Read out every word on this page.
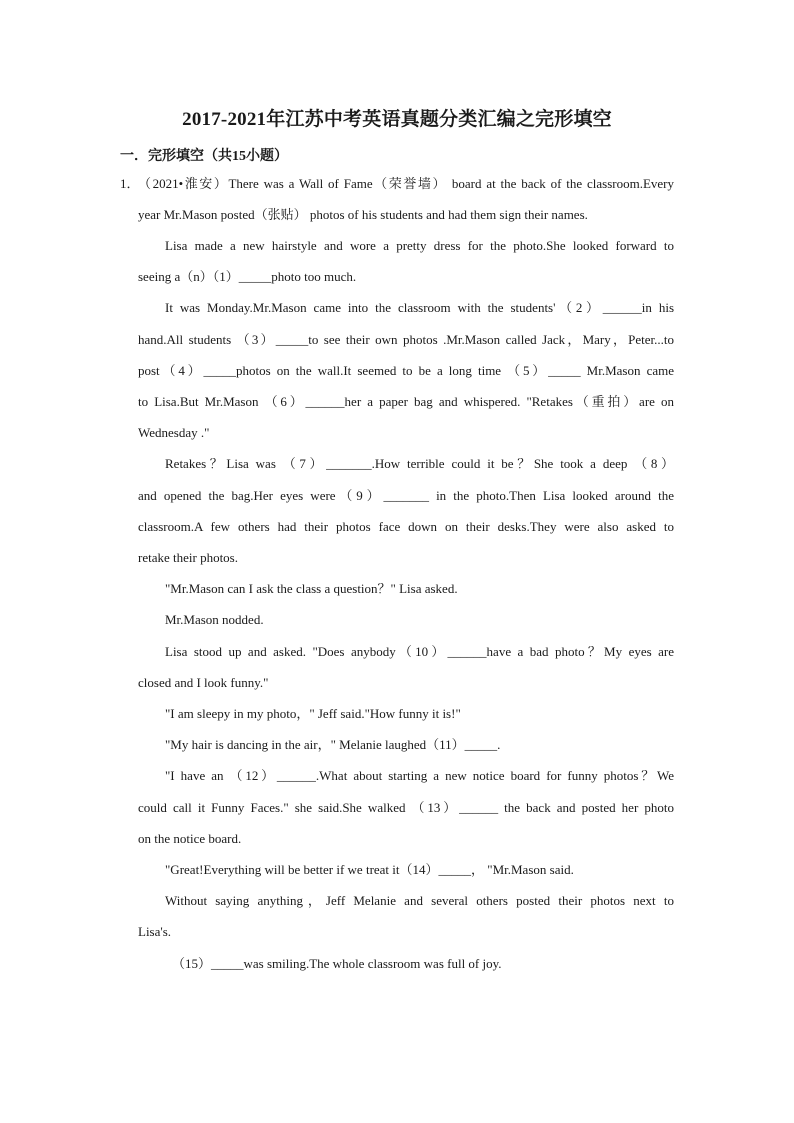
2017-2021年江苏中考英语真题分类汇编之完形填空
一．完形填空（共15小题）
1．
（2021•淮安）There was a Wall of Fame（荣誉墙） board at the back of the classroom.Every
year Mr.Mason posted（张贴） photos of his students and had them sign their names.
Lisa made a new hairstyle and wore a pretty dress for the photo.She looked forward to
seeing a（n）（1）_____photo too much.
It was Monday.Mr.Mason came into the classroom with the students'（2）______in his
hand.All students （3）_____to see their own photos .Mr.Mason called Jack，Mary，Peter...to
post（4）_____photos on the wall.It seemed to be a long time （5）_____ Mr.Mason came
to Lisa.But Mr.Mason （6）______her a paper bag and whispered. "Retakes（重拍）are on
Wednesday ."
Retakes？Lisa was （7）_______.How terrible could it be？She took a deep （8）
and opened the bag.Her eyes were（9）_______ in the photo.Then Lisa looked around the
classroom.A few others had their photos face down on their desks.They were also asked to
retake their photos.
"Mr.Mason can I ask the class a question？" Lisa asked.
Mr.Mason nodded.
Lisa stood up and asked. "Does anybody（10）______have a bad photo？My eyes are
closed and I look funny."
"I am sleepy in my photo，" Jeff said."How funny it is!"
"My hair is dancing in the air，" Melanie laughed（11）_____.
"I have an （12）______.What about starting a new notice board for funny photos？We
could call it Funny Faces." she said.She walked （13）______ the back and posted her photo
on the notice board.
"Great!Everything will be better if we treat it（14）_____， "Mr.Mason said.
Without saying anything，Jeff Melanie and several others posted their photos next to
Lisa's.
（15）_____was smiling.The whole classroom was full of joy.
